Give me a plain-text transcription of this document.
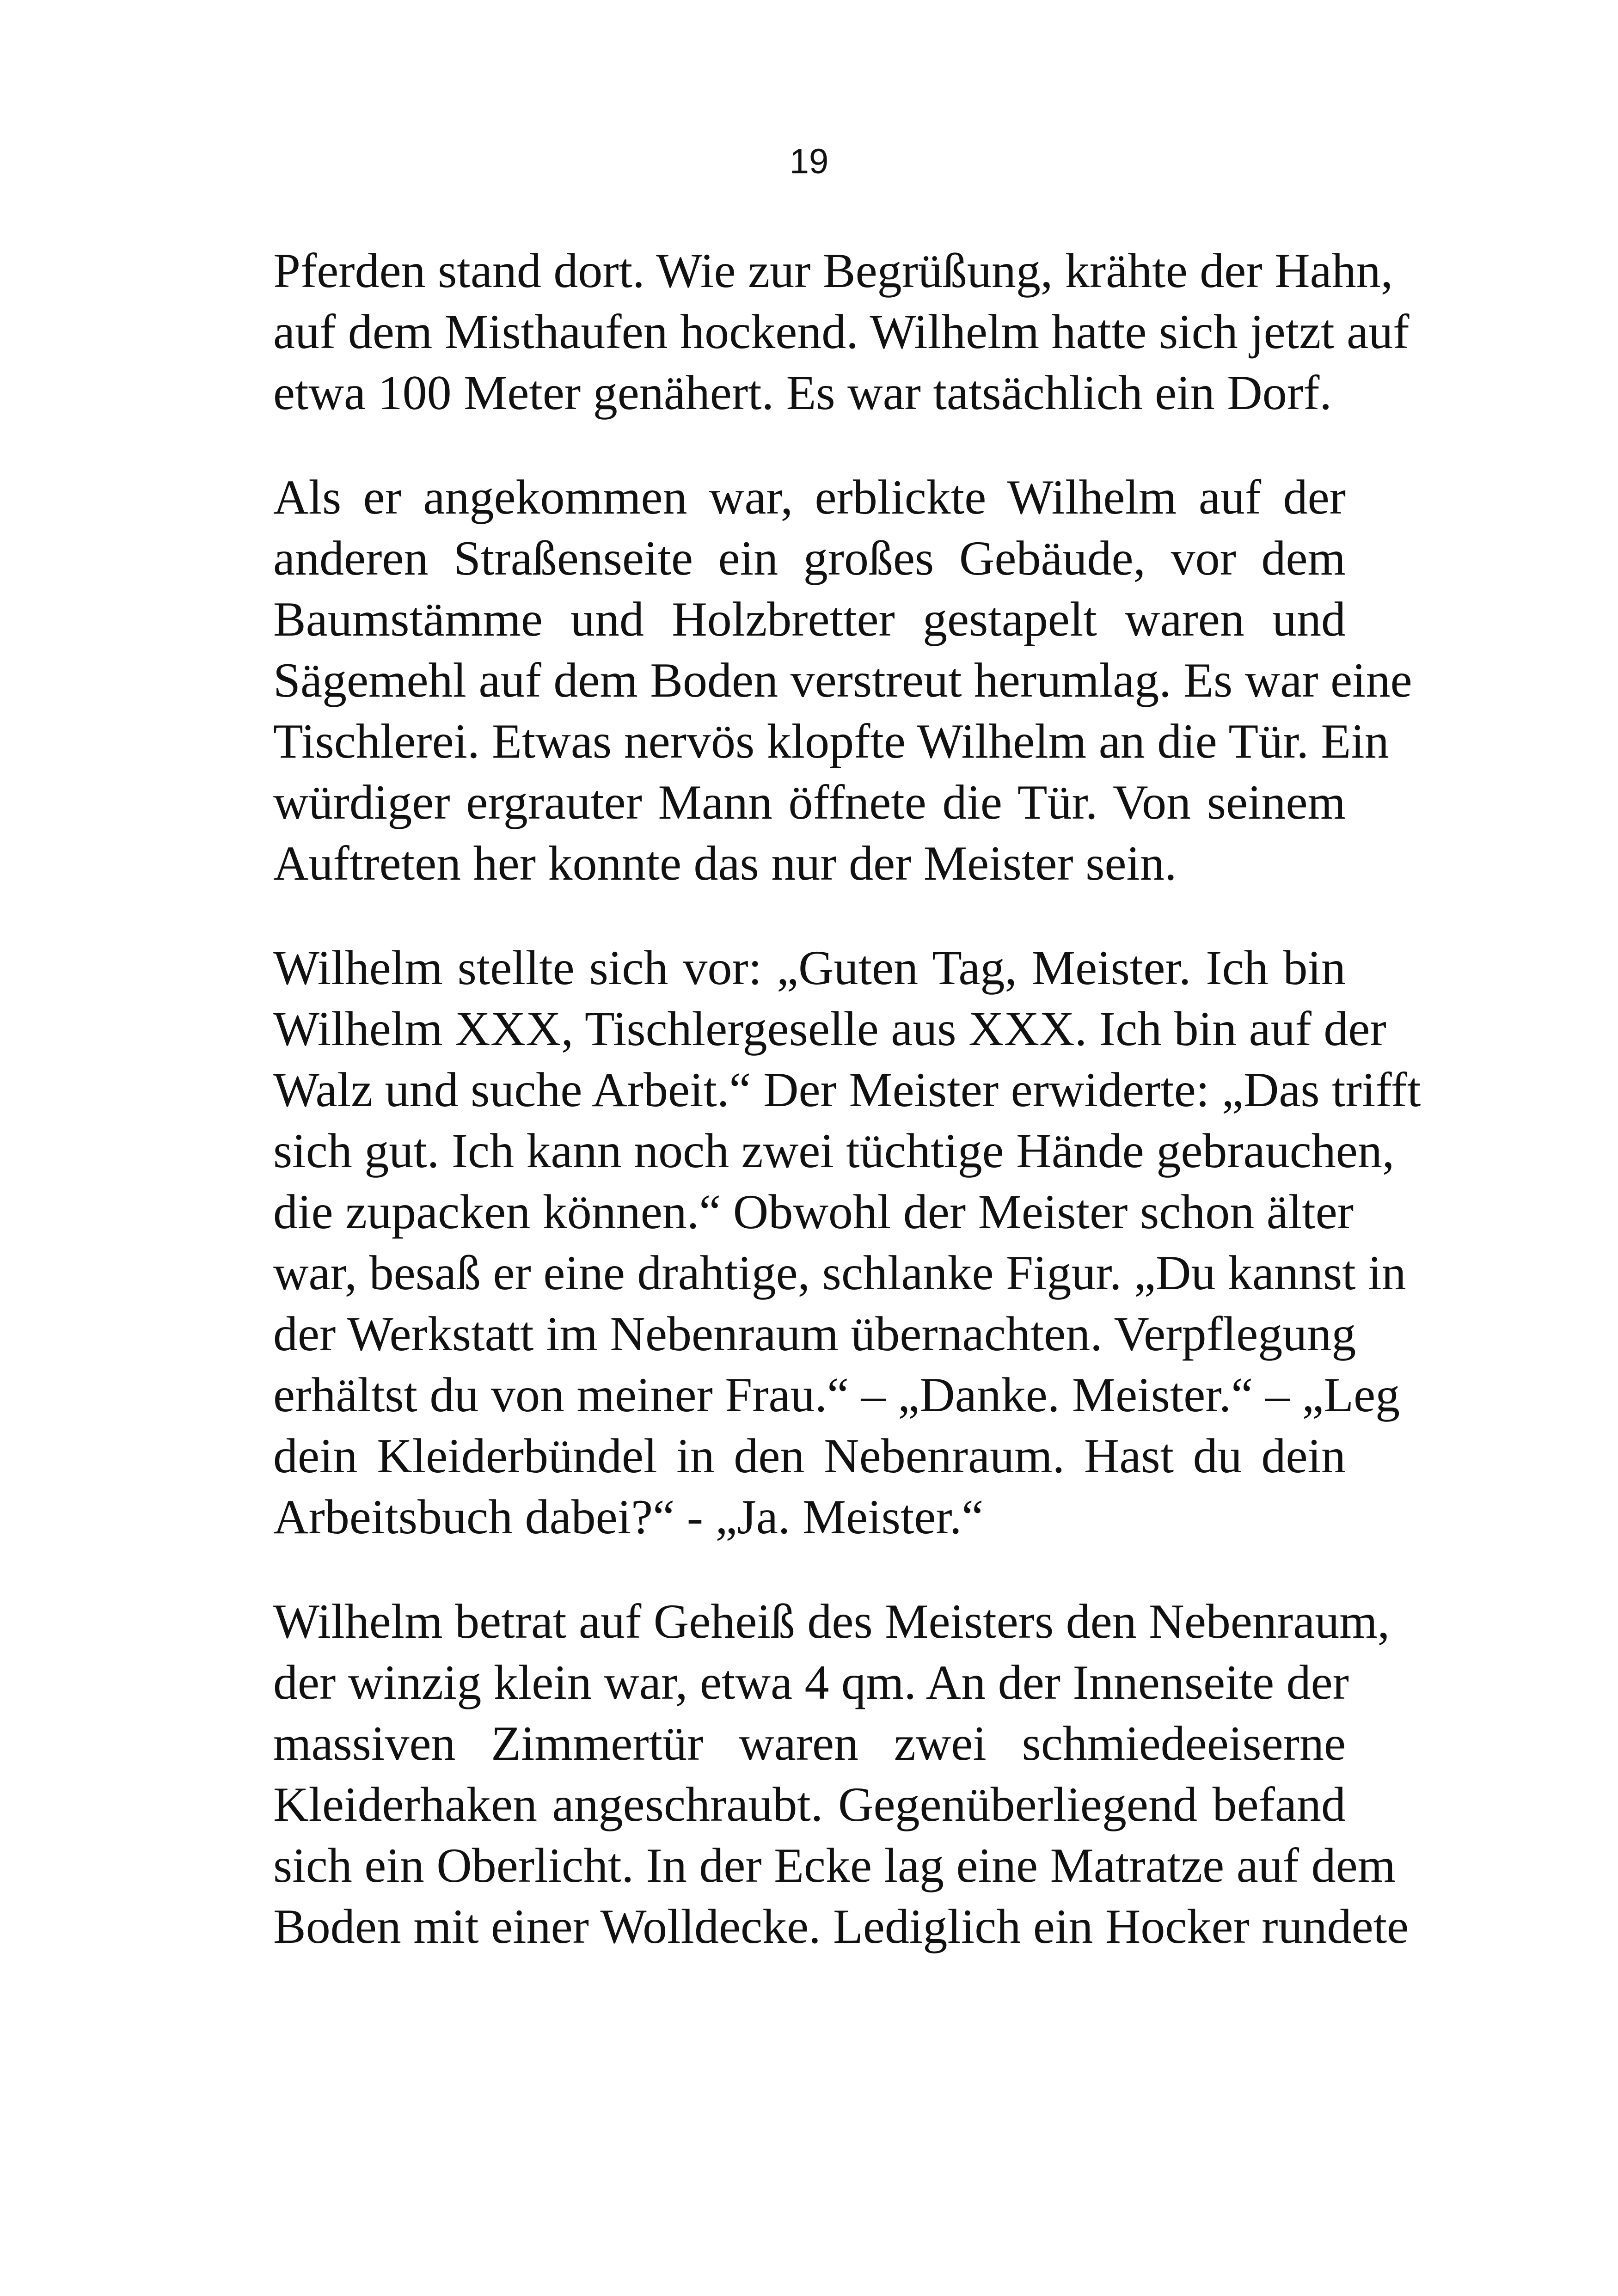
19

Pferden stand dort. Wie zur Begrüßung, krähte der Hahn,
auf dem Misthaufen hockend. Wilhelm hatte sich jetzt auf
etwa 100 Meter genähert. Es war tatsächlich ein Dorf.

Als er angekommen war, erblickte Wilhelm auf der
anderen Straßenseite ein großes Gebäude, vor dem
Baumstämme und Holzbretter gestapelt waren und
Sägemehl auf dem Boden verstreut herumlag. Es war eine
Tischlerei. Etwas nervös klopfte Wilhelm an die Tür. Ein
würdiger ergrauter Mann öffnete die Tür. Von seinem
Auftreten her konnte das nur der Meister sein.

Wilhelm stellte sich vor: „Guten Tag, Meister. Ich bin
Wilhelm XXX, Tischlergeselle aus XXX. Ich bin auf der
Walz und suche Arbeit.“ Der Meister erwiderte: „Das trifft
sich gut. Ich kann noch zwei tüchtige Hände gebrauchen,
die zupacken können.“ Obwohl der Meister schon älter
war, besaß er eine drahtige, schlanke Figur. „Du kannst in
der Werkstatt im Nebenraum übernachten. Verpflegung
erhältst du von meiner Frau.“ – „Danke. Meister.“ – „Leg
dein Kleiderbündel in den Nebenraum. Hast du dein
Arbeitsbuch dabei?“ - „Ja. Meister.“

Wilhelm betrat auf Geheiß des Meisters den Nebenraum,
der winzig klein war, etwa 4 qm. An der Innenseite der
massiven Zimmertür waren zwei schmiedeeiserne
Kleiderhaken angeschraubt. Gegenüberliegend befand
sich ein Oberlicht. In der Ecke lag eine Matratze auf dem
Boden mit einer Wolldecke. Lediglich ein Hocker rundete
